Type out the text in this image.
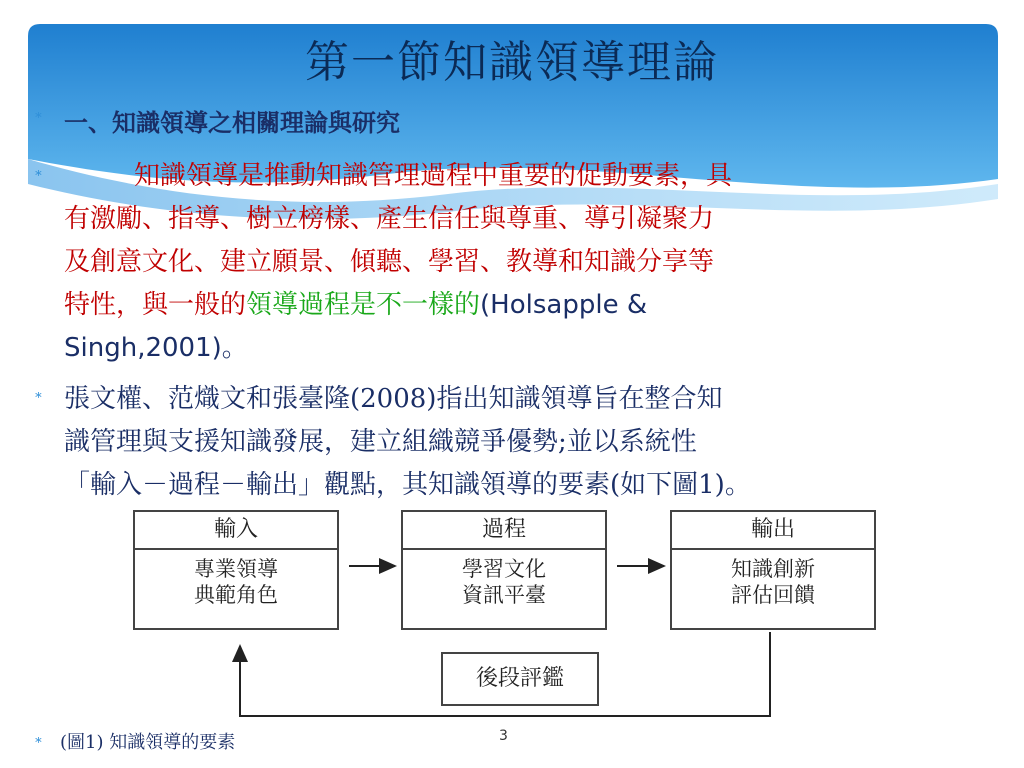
第一節知識領導理論
∗ 一、知識領導之相關理論與研究
∗	知識領導是推動知識管理過程中重要的促動要素，具
有激勵、指導、樹立榜樣、產生信任與尊重、導引凝聚力
及創意文化、建立願景、傾聽、學習、教導和知識分享等
特性，與一般的領導過程是不一樣的(Holsapple &
Singh,2001)。
∗ 張文權、范熾文和張臺隆(2008)指出知識領導旨在整合知
識管理與支援知識發展，建立組織競爭優勢;並以系統性
「輸入－過程－輸出」觀點，其知識領導的要素(如下圖1)。
輸入
專業領導
典範角色
過程
學習文化
資訊平臺
輸出
知識創新
評估回饋
後段評鑑
∗ (圖1) 知識領導的要素	3
